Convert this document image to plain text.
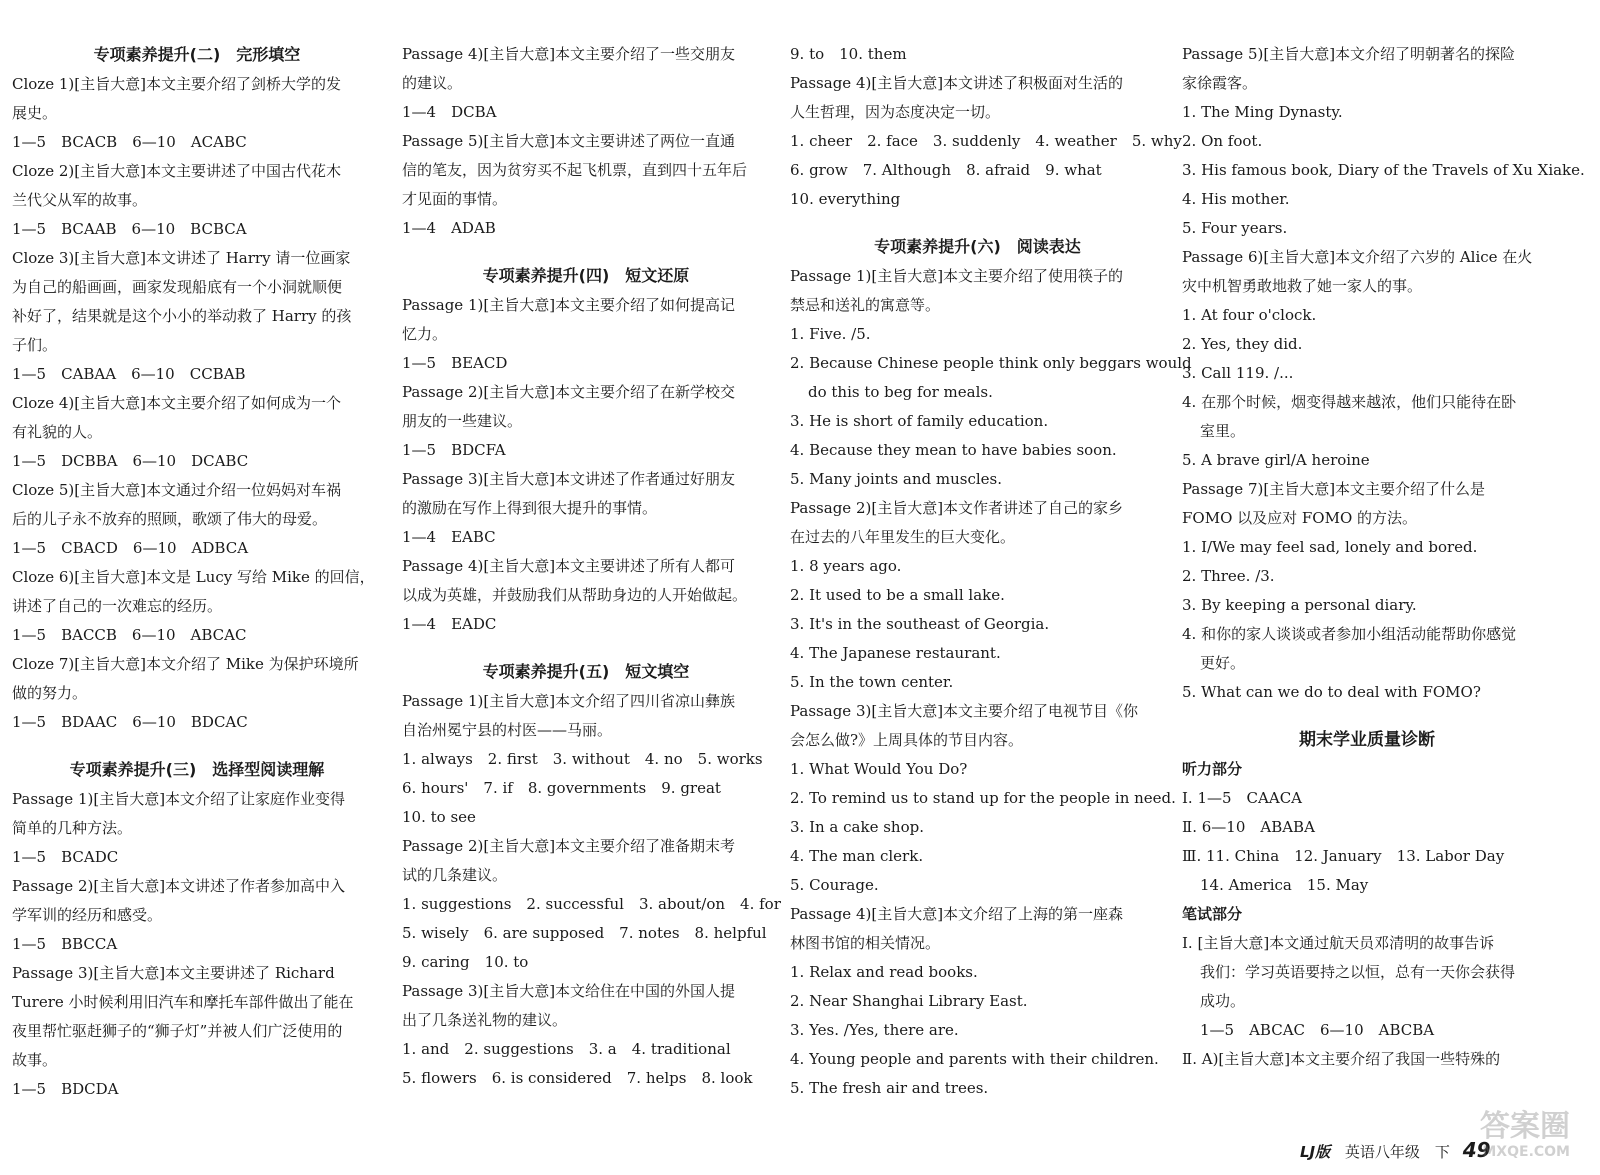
专项素养提升(二)　完形填空
Cloze 1)[主旨大意]本文主要介绍了剑桥大学的发
展史。
1—5　BCACB　6—10　ACABC
Cloze 2)[主旨大意]本文主要讲述了中国古代花木
兰代父从军的故事。
1—5　BCAAB　6—10　BCBCA
Cloze 3)[主旨大意]本文讲述了 Harry 请一位画家
为自己的船画画，画家发现船底有一个小洞就顺便
补好了，结果就是这个小小的举动救了 Harry 的孩
子们。
1—5　CABAA　6—10　CCBAB
Cloze 4)[主旨大意]本文主要介绍了如何成为一个
有礼貌的人。
1—5　DCBBA　6—10　DCABC
Cloze 5)[主旨大意]本文通过介绍一位妈妈对车祸
后的儿子永不放弃的照顾，歌颂了伟大的母爱。
1—5　CBACD　6—10　ADBCA
Cloze 6)[主旨大意]本文是 Lucy 写给 Mike 的回信，
讲述了自己的一次难忘的经历。
1—5　BACCB　6—10　ABCAC
Cloze 7)[主旨大意]本文介绍了 Mike 为保护环境所
做的努力。
1—5　BDAAC　6—10　BDCAC
专项素养提升(三)　选择型阅读理解
Passage 1)[主旨大意]本文介绍了让家庭作业变得
简单的几种方法。
1—5　BCADC
Passage 2)[主旨大意]本文讲述了作者参加高中入
学军训的经历和感受。
1—5　BBCCA
Passage 3)[主旨大意]本文主要讲述了 Richard
Turere 小时候利用旧汽车和摩托车部件做出了能在
夜里帮忙驱赶狮子的“狮子灯”并被人们广泛使用的
故事。
1—5　BDCDA
Passage 4)[主旨大意]本文主要介绍了一些交朋友
的建议。
1—4　DCBA
Passage 5)[主旨大意]本文主要讲述了两位一直通
信的笔友，因为贫穷买不起飞机票，直到四十五年后
才见面的事情。
1—4　ADAB
专项素养提升(四)　短文还原
Passage 1)[主旨大意]本文主要介绍了如何提高记
忆力。
1—5　BEACD
Passage 2)[主旨大意]本文主要介绍了在新学校交
朋友的一些建议。
1—5　BDCFA
Passage 3)[主旨大意]本文讲述了作者通过好朋友
的激励在写作上得到很大提升的事情。
1—4　EABC
Passage 4)[主旨大意]本文主要讲述了所有人都可
以成为英雄，并鼓励我们从帮助身边的人开始做起。
1—4　EADC
专项素养提升(五)　短文填空
Passage 1)[主旨大意]本文介绍了四川省凉山彝族
自治州冕宁县的村医——马丽。
1. always　2. first　3. without　4. no　5. works
6. hours'　7. if　8. governments　9. great
10. to see
Passage 2)[主旨大意]本文主要介绍了准备期末考
试的几条建议。
1. suggestions　2. successful　3. about/on　4. for
5. wisely　6. are supposed　7. notes　8. helpful
9. caring　10. to
Passage 3)[主旨大意]本文给住在中国的外国人提
出了几条送礼物的建议。
1. and　2. suggestions　3. a　4. traditional
5. flowers　6. is considered　7. helps　8. look
9. to　10. them
Passage 4)[主旨大意]本文讲述了积极面对生活的
人生哲理，因为态度决定一切。
1. cheer　2. face　3. suddenly　4. weather　5. why
6. grow　7. Although　8. afraid　9. what
10. everything
专项素养提升(六)　阅读表达
Passage 1)[主旨大意]本文主要介绍了使用筷子的
禁忌和送礼的寓意等。
1. Five. /5.
2. Because Chinese people think only beggars would
do this to beg for meals.
3. He is short of family education.
4. Because they mean to have babies soon.
5. Many joints and muscles.
Passage 2)[主旨大意]本文作者讲述了自己的家乡
在过去的八年里发生的巨大变化。
1. 8 years ago.
2. It used to be a small lake.
3. It's in the southeast of Georgia.
4. The Japanese restaurant.
5. In the town center.
Passage 3)[主旨大意]本文主要介绍了电视节目《你
会怎么做?》上周具体的节目内容。
1. What Would You Do?
2. To remind us to stand up for the people in need.
3. In a cake shop.
4. The man clerk.
5. Courage.
Passage 4)[主旨大意]本文介绍了上海的第一座森
林图书馆的相关情况。
1. Relax and read books.
2. Near Shanghai Library East.
3. Yes. /Yes, there are.
4. Young people and parents with their children.
5. The fresh air and trees.
Passage 5)[主旨大意]本文介绍了明朝著名的探险
家徐霞客。
1. The Ming Dynasty.
2. On foot.
3. His famous book, Diary of the Travels of Xu Xiake.
4. His mother.
5. Four years.
Passage 6)[主旨大意]本文介绍了六岁的 Alice 在火
灾中机智勇敢地救了她一家人的事。
1. At four o'clock.
2. Yes, they did.
3. Call 119. /...
4. 在那个时候，烟变得越来越浓，他们只能待在卧
室里。
5. A brave girl/A heroine
Passage 7)[主旨大意]本文主要介绍了什么是
FOMO 以及应对 FOMO 的方法。
1. I/We may feel sad, lonely and bored.
2. Three. /3.
3. By keeping a personal diary.
4. 和你的家人谈谈或者参加小组活动能帮助你感觉
更好。
5. What can we do to deal with FOMO?
期末学业质量诊断
听力部分
Ⅰ. 1—5　CAACA
Ⅱ. 6—10　ABABA
Ⅲ. 11. China　12. January　13. Labor Day
14. America　15. May
笔试部分
Ⅰ. [主旨大意]本文通过航天员邓清明的故事告诉
我们：学习英语要持之以恒，总有一天你会获得
成功。
1—5　ABCAC　6—10　ABCBA
Ⅱ. A)[主旨大意]本文主要介绍了我国一些特殊的
LJ版 英语八年级　下 49
答案圈
MXQE.COM
